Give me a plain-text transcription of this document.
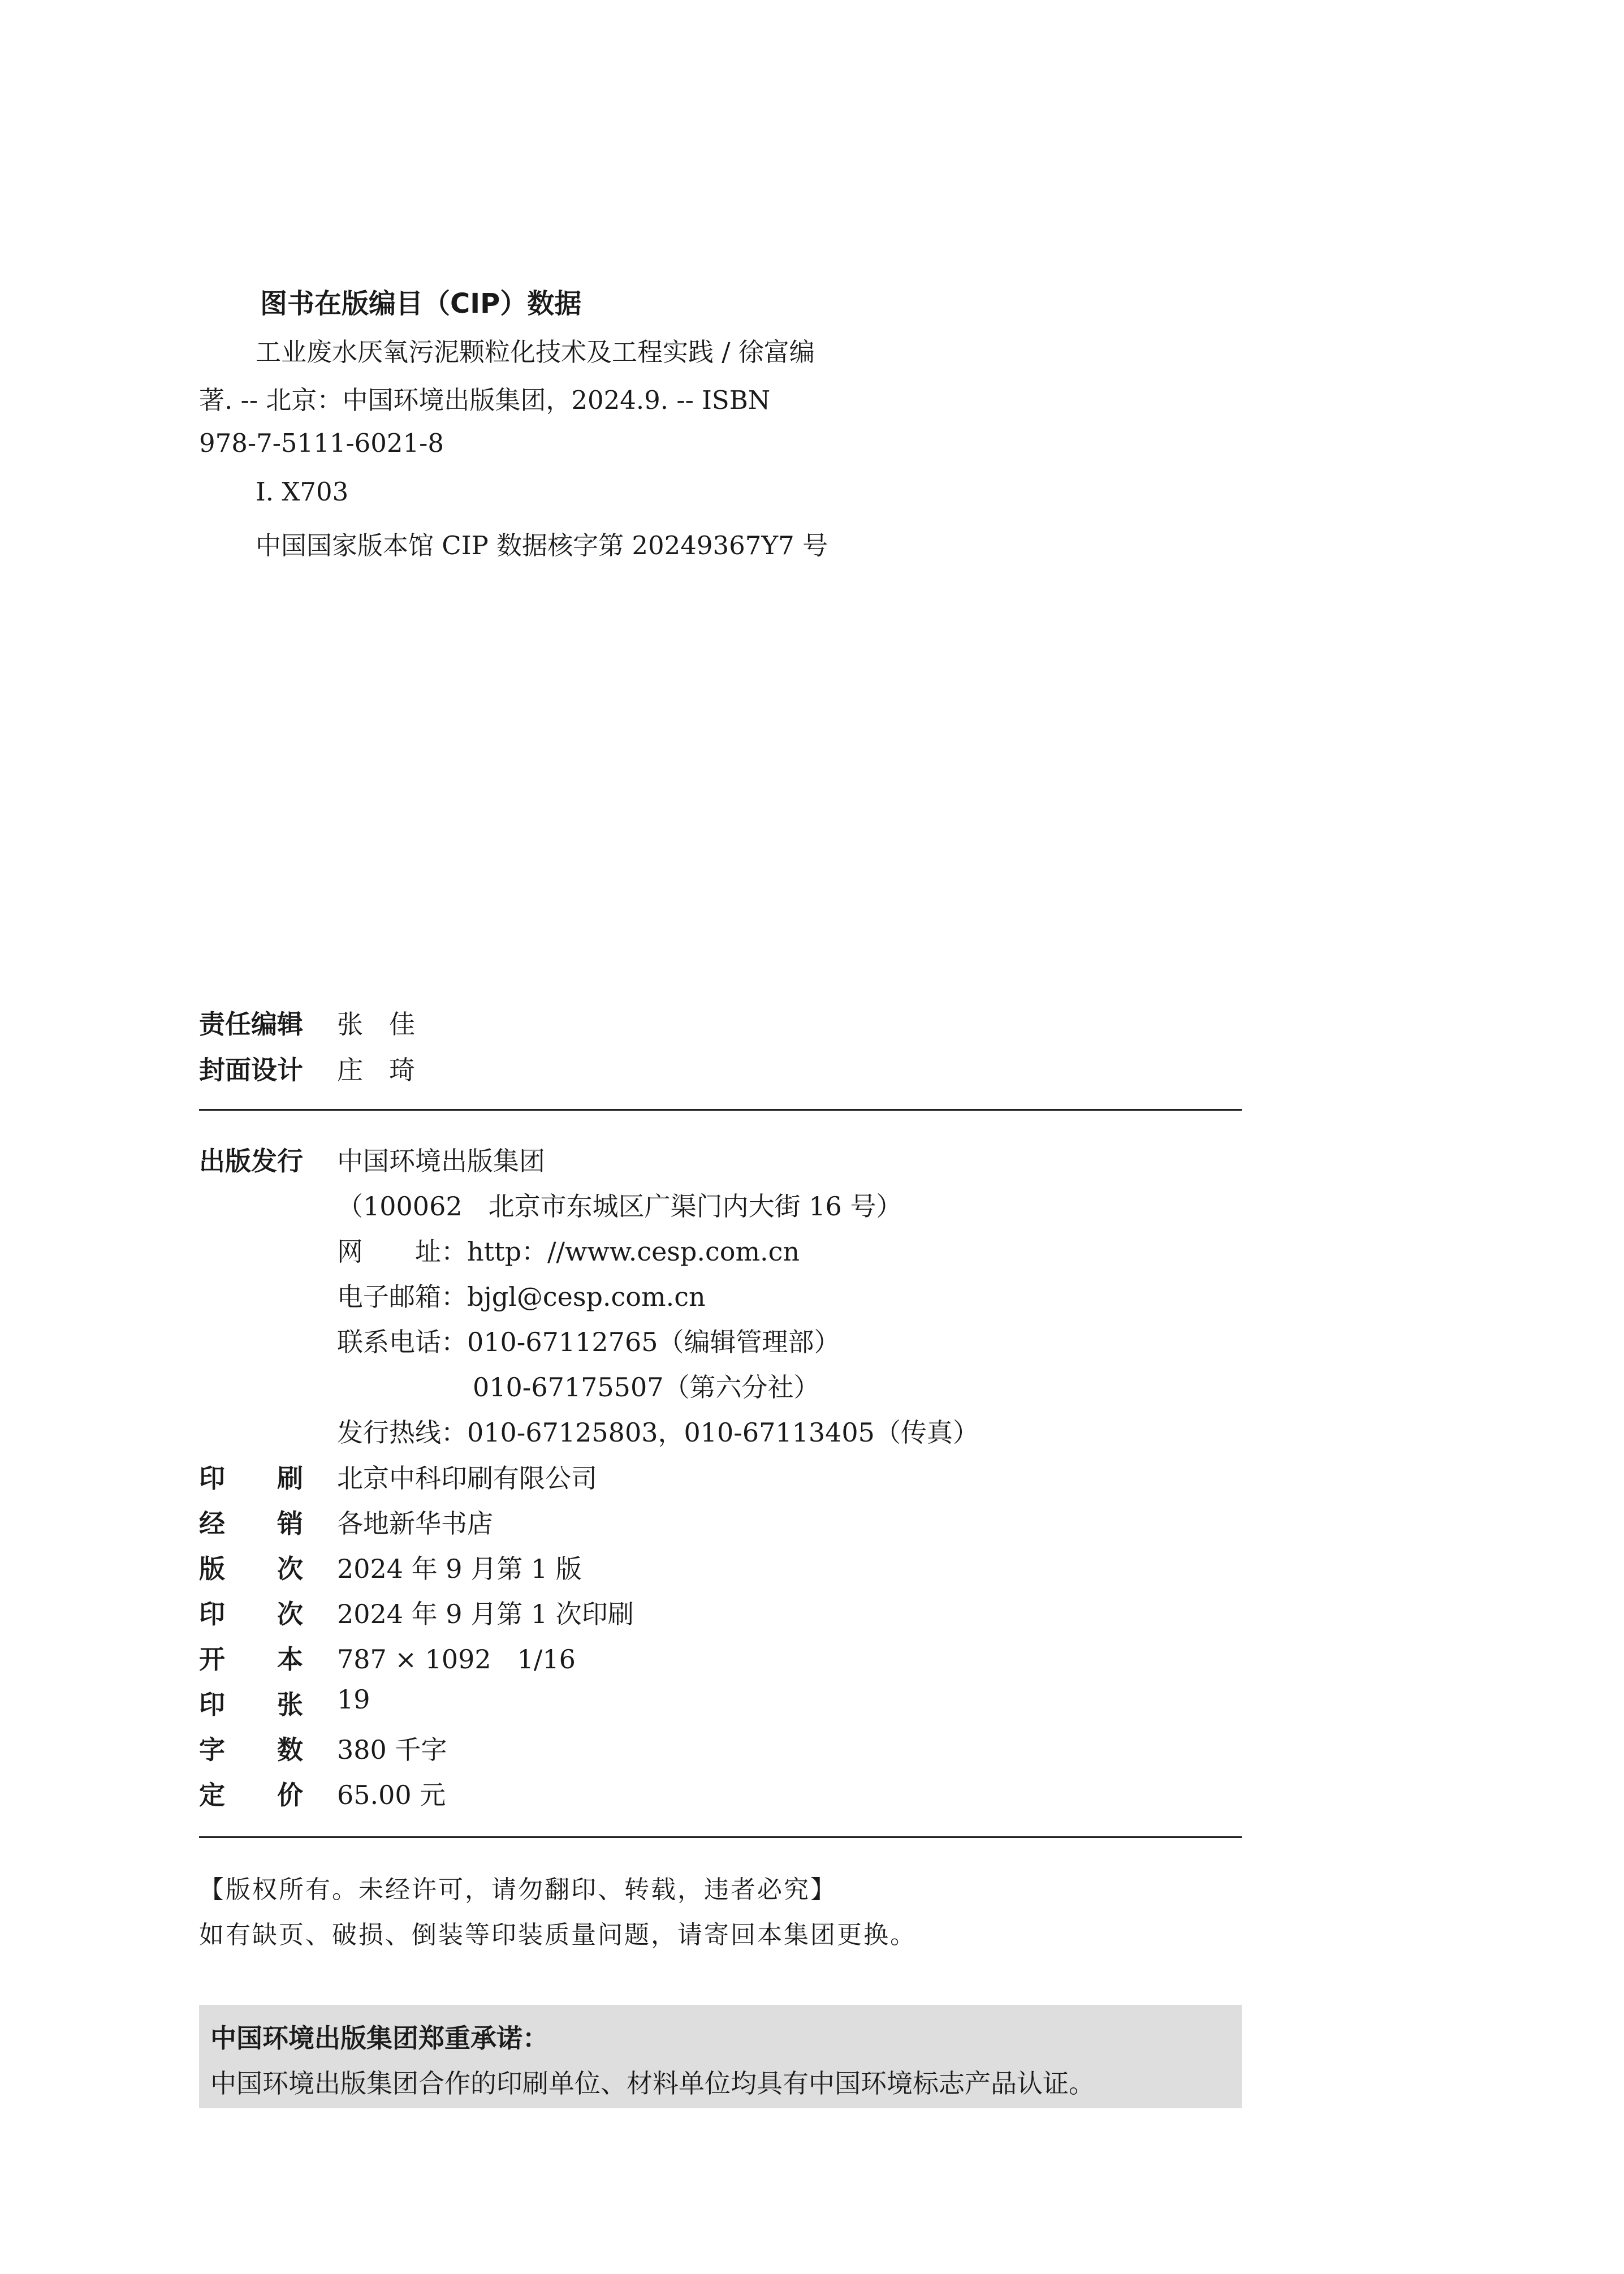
图书在版编目（CIP）数据
工业废水厌氧污泥颗粒化技术及工程实践 / 徐富编
著. -- 北京：中国环境出版集团，2024.9. -- ISBN
978-7-5111-6021-8
Ⅰ. X703
中国国家版本馆 CIP 数据核字第 20249367Y7 号
责任编辑 张　佳
封面设计 庄　琦
出版发行 中国环境出版集团
（100062　北京市东城区广渠门内大街 16 号）
网　　址：http：//www.cesp.com.cn
电子邮箱：bjgl@cesp.com.cn
联系电话：010-67112765（编辑管理部）
010-67175507（第六分社）
发行热线：010-67125803，010-67113405（传真）
印　　刷 北京中科印刷有限公司
经　　销 各地新华书店
版　　次 2024 年 9 月第 1 版
印　　次 2024 年 9 月第 1 次印刷
开　　本 787 × 1092　1/16
印　　张 19
字　　数 380 千字
定　　价 65.00 元
【版权所有。未经许可，请勿翻印、转载，违者必究】
如有缺页、破损、倒装等印装质量问题，请寄回本集团更换。
中国环境出版集团郑重承诺：
中国环境出版集团合作的印刷单位、材料单位均具有中国环境标志产品认证。
